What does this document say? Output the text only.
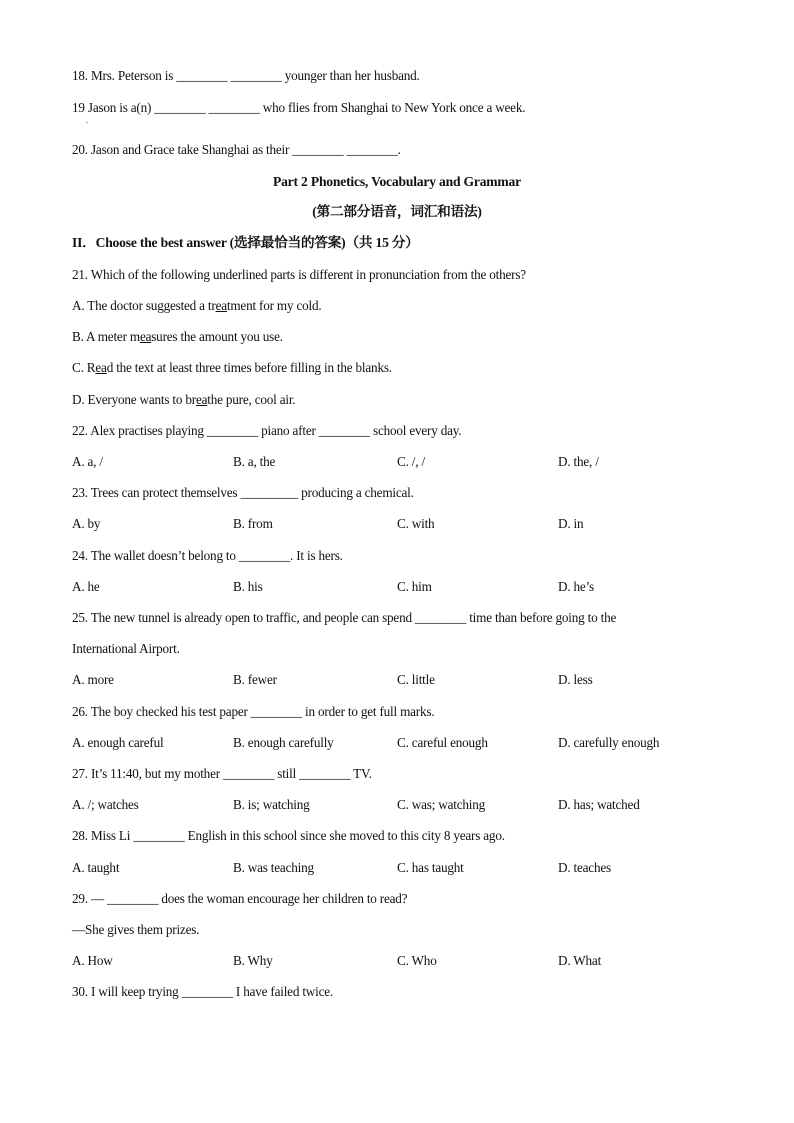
18. Mrs. Peterson is ________ ________ younger than her husband.
19 Jason is a(n) ________ ________ who flies from Shanghai to New York once a week.
.
20. Jason and Grace take Shanghai as their ________ ________.
Part 2 Phonetics, Vocabulary and Grammar
(第二部分语音，词汇和语法)
II．Choose the best answer (选择最恰当的答案)（共 15 分）
21. Which of the following underlined parts is different in pronunciation from the others?
A. The doctor suggested a treatment for my cold.
B. A meter measures the amount you use.
C. Read the text at least three times before filling in the blanks.
D. Everyone wants to breathe pure, cool air.
22. Alex practises playing ________ piano after ________ school every day.
A. a, /	B. a, the	C. /, /	D. the, /
23. Trees can protect themselves _________ producing a chemical.
A. by	B. from	C. with	D. in
24. The wallet doesn’t belong to ________. It is hers.
A. he	B. his	C. him	D. he’s
25. The new tunnel is already open to traffic, and people can spend ________ time than before going to the
International Airport.
A. more	B. fewer	C. little	D. less
26. The boy checked his test paper ________ in order to get full marks.
A. enough careful	B. enough carefully	C. careful enough	D. carefully enough
27. It’s 11:40, but my mother ________ still ________ TV.
A. /; watches	B. is; watching	C. was; watching	D. has; watched
28. Miss Li ________ English in this school since she moved to this city 8 years ago.
A. taught	B. was teaching	C. has taught	D. teaches
29. — ________ does the woman encourage her children to read?
—She gives them prizes.
A. How	B. Why	C. Who	D. What
30. I will keep trying ________ I have failed twice.
